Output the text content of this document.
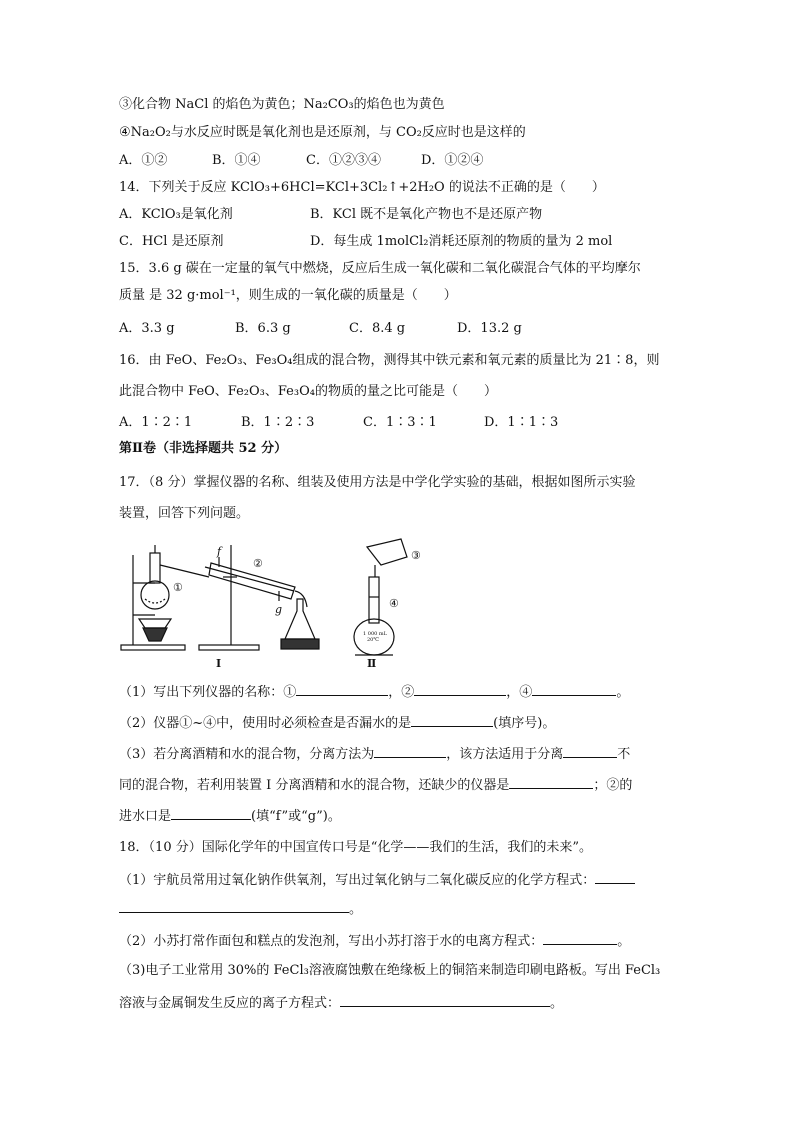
③化合物 NaCl 的焰色为黄色；Na₂CO₃的焰色也为黄色
④Na₂O₂与水反应时既是氧化剂也是还原剂，与 CO₂反应时也是这样的
A．①②	B．①④	C．①②③④	D．①②④
14．下列关于反应 KClO₃+6HCl=KCl+3Cl₂↑+2H₂O 的说法不正确的是（　　）
A．KClO₃是氧化剂	B．KCl 既不是氧化产物也不是还原产物
C．HCl 是还原剂	D．每生成 1molCl₂消耗还原剂的物质的量为 2 mol
15．3.6 g 碳在一定量的氧气中燃烧，反应后生成一氧化碳和二氧化碳混合气体的平均摩尔
质量 是 32 g·mol⁻¹，则生成的一氧化碳的质量是（　　）
A．3.3 g	B．6.3 g	C．8.4 g	D．13.2 g
16．由 FeO、Fe₂O₃、Fe₃O₄组成的混合物，测得其中铁元素和氧元素的质量比为 21∶8，则
此混合物中 FeO、Fe₂O₃、Fe₃O₄的物质的量之比可能是（　　）
A．1∶2∶1	B．1∶2∶3	C．1∶3∶1	D．1∶1∶3
第Ⅱ卷（非选择题共 52 分）
17．（8 分）掌握仪器的名称、组装及使用方法是中学化学实验的基础，根据如图所示实验
装置，回答下列问题。
①
②
③
④
f
g
1 000 mL
20℃
I	Ⅱ
（1）写出下列仪器的名称：①	，②	，④	。
（2）仪器①~④中，使用时必须检查是否漏水的是	(填序号)。
（3）若分离酒精和水的混合物，分离方法为	，该方法适用于分离	不
同的混合物，若利用装置 I 分离酒精和水的混合物，还缺少的仪器是	；②的
进水口是	(填“f”或“g”)。
18．（10 分）国际化学年的中国宣传口号是“化学——我们的生活，我们的未来”。
（1）宇航员常用过氧化钠作供氧剂，写出过氧化钠与二氧化碳反应的化学方程式：
。
（2）小苏打常作面包和糕点的发泡剂，写出小苏打溶于水的电离方程式：	。
（3)电子工业常用 30%的 FeCl₃溶液腐蚀敷在绝缘板上的铜箔来制造印刷电路板。写出 FeCl₃
溶液与金属铜发生反应的离子方程式：	。
